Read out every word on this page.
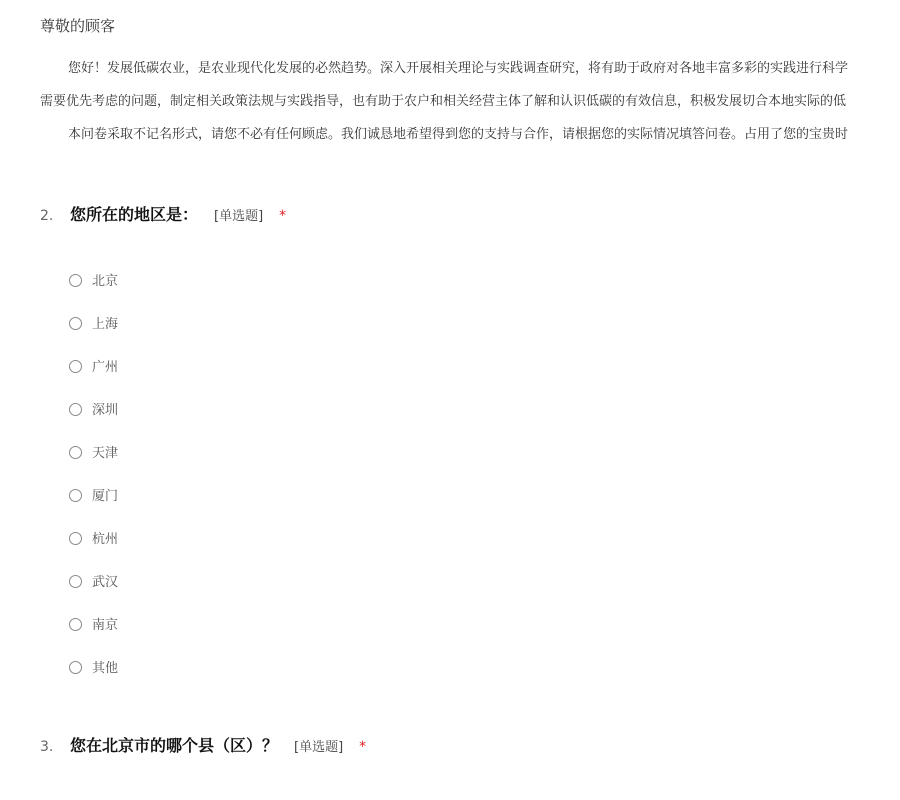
尊敬的顾客
您好！发展低碳农业，是农业现代化发展的必然趋势。深入开展相关理论与实践调查研究，将有助于政府对各地丰富多彩的实践进行科学
需要优先考虑的问题，制定相关政策法规与实践指导，也有助于农户和相关经营主体了解和认识低碳的有效信息，积极发展切合本地实际的低
本问卷采取不记名形式，请您不必有任何顾虑。我们诚恳地希望得到您的支持与合作，请根据您的实际情况填答问卷。占用了您的宝贵时
2.	您所在的地区是： [单选题] *
北京
上海
广州
深圳
天津
厦门
杭州
武汉
南京
其他
3.	您在北京市的哪个县（区）？ [单选题] *
